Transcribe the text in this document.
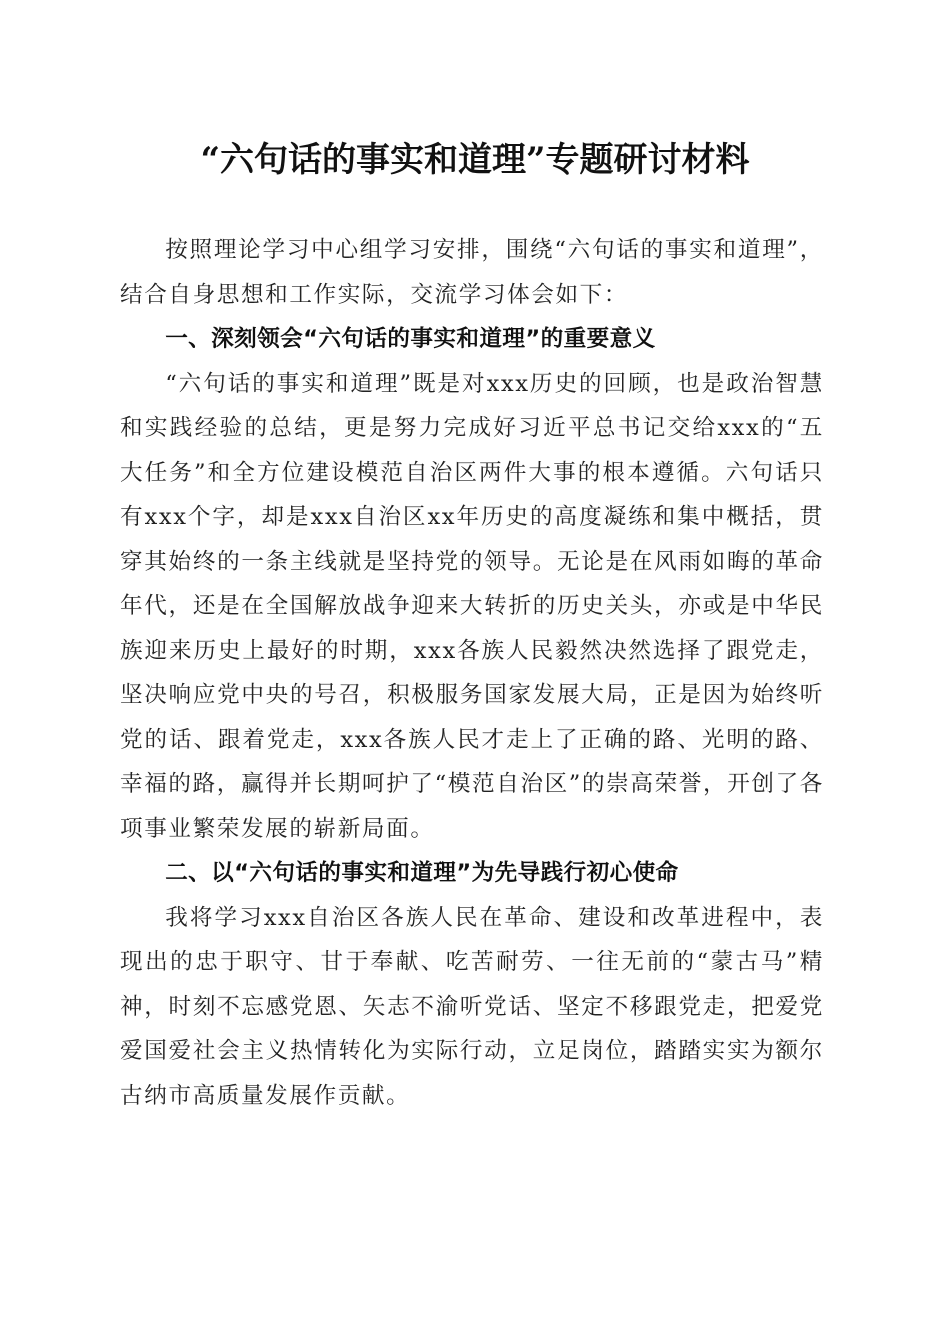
“六句话的事实和道理”专题研讨材料

按照理论学习中心组学习安排，围绕“六句话的事实和道理”，结合自身思想和工作实际，交流学习体会如下：

一、深刻领会“六句话的事实和道理”的重要意义

“六句话的事实和道理”既是对xxx历史的回顾，也是政治智慧和实践经验的总结，更是努力完成好习近平总书记交给xxx的“五大任务”和全方位建设模范自治区两件大事的根本遵循。六句话只有xxx个字，却是xxx自治区xx年历史的高度凝练和集中概括，贯穿其始终的一条主线就是坚持党的领导。无论是在风雨如晦的革命年代，还是在全国解放战争迎来大转折的历史关头，亦或是中华民族迎来历史上最好的时期，xxx各族人民毅然决然选择了跟党走，坚决响应党中央的号召，积极服务国家发展大局，正是因为始终听党的话、跟着党走，xxx各族人民才走上了正确的路、光明的路、幸福的路，赢得并长期呵护了“模范自治区”的崇高荣誉，开创了各项事业繁荣发展的崭新局面。

二、以“六句话的事实和道理”为先导践行初心使命

我将学习xxx自治区各族人民在革命、建设和改革进程中，表现出的忠于职守、甘于奉献、吃苦耐劳、一往无前的“蒙古马”精神，时刻不忘感党恩、矢志不渝听党话、坚定不移跟党走，把爱党爱国爱社会主义热情转化为实际行动，立足岗位，踏踏实实为额尔古纳市高质量发展作贡献。
